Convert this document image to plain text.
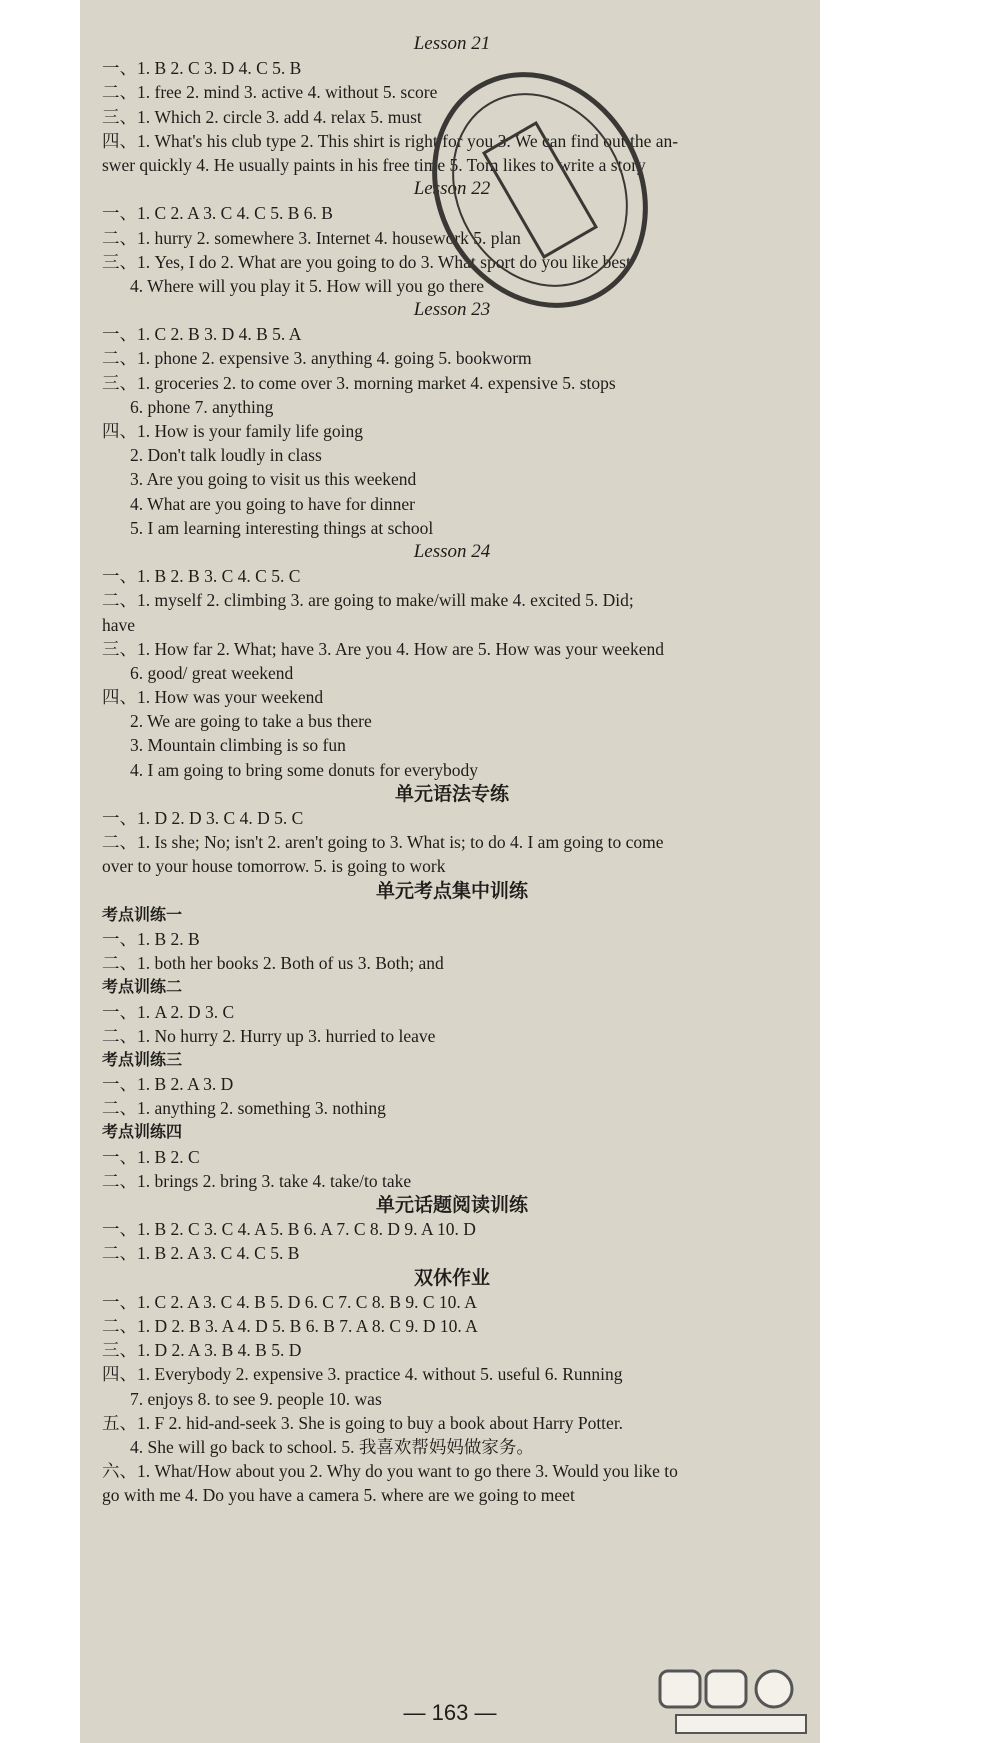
Lesson 21
一、1. B 2. C 3. D 4. C 5. B
二、1. free 2. mind 3. active 4. without 5. score
三、1. Which 2. circle 3. add 4. relax 5. must
四、1. What's his club type 2. This shirt is right for you 3. We can find out the an-
swer quickly 4. He usually paints in his free time 5. Tom likes to write a story
Lesson 22
一、1. C 2. A 3. C 4. C 5. B 6. B
二、1. hurry 2. somewhere 3. Internet 4. housework 5. plan
三、1. Yes, I do 2. What are you going to do 3. What sport do you like best
4. Where will you play it 5. How will you go there
Lesson 23
一、1. C 2. B 3. D 4. B 5. A
二、1. phone 2. expensive 3. anything 4. going 5. bookworm
三、1. groceries 2. to come over 3. morning market 4. expensive 5. stops
6. phone 7. anything
四、1. How is your family life going
2. Don't talk loudly in class
3. Are you going to visit us this weekend
4. What are you going to have for dinner
5. I am learning interesting things at school
Lesson 24
一、1. B 2. B 3. C 4. C 5. C
二、1. myself 2. climbing 3. are going to make/will make 4. excited 5. Did;
have
三、1. How far 2. What; have 3. Are you 4. How are 5. How was your weekend
6. good/ great weekend
四、1. How was your weekend
2. We are going to take a bus there
3. Mountain climbing is so fun
4. I am going to bring some donuts for everybody
单元语法专练
一、1. D 2. D 3. C 4. D 5. C
二、1. Is she; No; isn't 2. aren't going to 3. What is; to do 4. I am going to come
over to your house tomorrow. 5. is going to work
单元考点集中训练
考点训练一
一、1. B 2. B
二、1. both her books 2. Both of us 3. Both; and
考点训练二
一、1. A 2. D 3. C
二、1. No hurry 2. Hurry up 3. hurried to leave
考点训练三
一、1. B 2. A 3. D
二、1. anything 2. something 3. nothing
考点训练四
一、1. B 2. C
二、1. brings 2. bring 3. take 4. take/to take
单元话题阅读训练
一、1. B 2. C 3. C 4. A 5. B 6. A 7. C 8. D 9. A 10. D
二、1. B 2. A 3. C 4. C 5. B
双休作业
一、1. C 2. A 3. C 4. B 5. D 6. C 7. C 8. B 9. C 10. A
二、1. D 2. B 3. A 4. D 5. B 6. B 7. A 8. C 9. D 10. A
三、1. D 2. A 3. B 4. B 5. D
四、1. Everybody 2. expensive 3. practice 4. without 5. useful 6. Running
7. enjoys 8. to see 9. people 10. was
五、1. F 2. hid-and-seek 3. She is going to buy a book about Harry Potter.
4. She will go back to school. 5. 我喜欢帮妈妈做家务。
六、1. What/How about you 2. Why do you want to go there 3. Would you like to
go with me 4. Do you have a camera 5. where are we going to meet
— 163 —
